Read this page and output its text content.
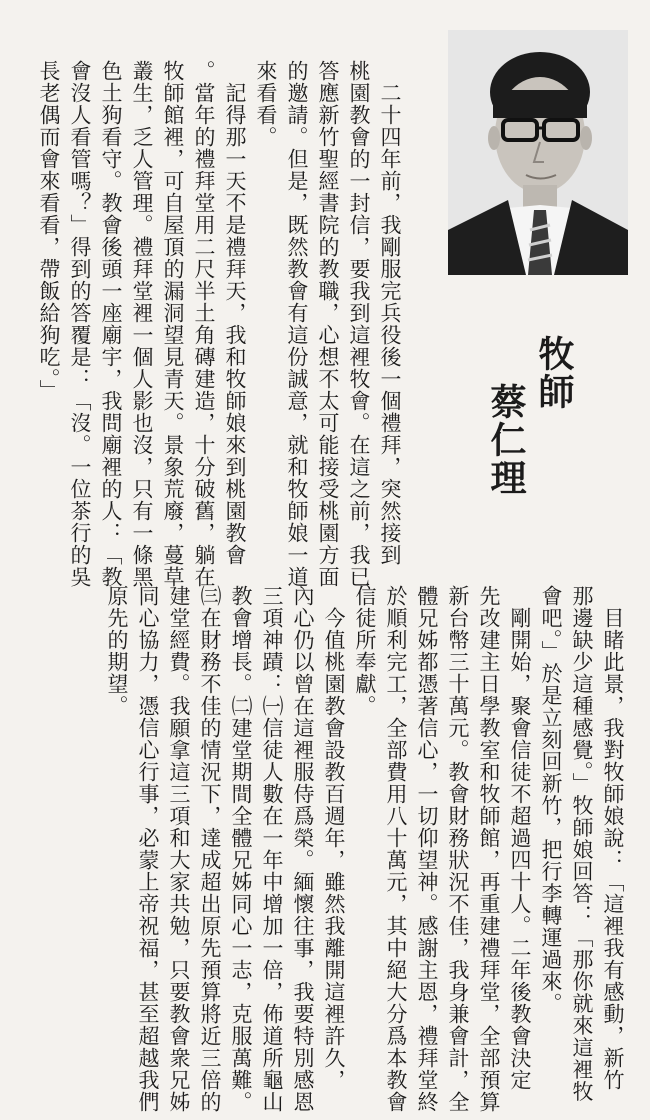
牧師
蔡仁理
　二十四年前，我剛服完兵役後一個禮拜，突然接到
桃園教會的一封信，要我到這裡牧會。在這之前，我已
答應新竹聖經書院的教職，心想不太可能接受桃園方面
的邀請。但是，既然教會有這份誠意，就和牧師娘一道
來看看。
　記得那一天不是禮拜天，我和牧師娘來到桃園教會
。當年的禮拜堂用二尺半土角磚建造，十分破舊，躺在
牧師館裡，可自屋頂的漏洞望見青天。景象荒廢，蔓草
叢生，乏人管理。禮拜堂裡一個人影也沒，只有一條黑
色土狗看守。教會後頭一座廟宇，我問廟裡的人：「教
會沒人看管嗎？」得到的答覆是：「沒。一位茶行的吳
長老偶而會來看看，帶飯給狗吃。」
　目睹此景，我對牧師娘說：「這裡我有感動，新竹
那邊缺少這種感覺。」牧師娘回答：「那你就來這裡牧
會吧。」於是立刻回新竹，把行李轉運過來。
　剛開始，聚會信徒不超過四十人。二年後教會決定
先改建主日學教室和牧師館，再重建禮拜堂，全部預算
新台幣三十萬元。教會財務狀況不佳，我身兼會計，全
體兄姊都憑著信心，一切仰望神。感謝主恩，禮拜堂終
於順利完工，全部費用八十萬元，其中絕大分爲本教會
信徒所奉獻。
　今值桃園教會設教百週年，雖然我離開這裡許久，
內心仍以曾在這裡服侍爲榮。緬懷往事，我要特別感恩
三項神蹟：㈠信徒人數在一年中增加一倍，佈道所龜山
教會增長。㈡建堂期間全體兄姊同心一志，克服萬難。
㈢在財務不佳的情況下，達成超出原先預算將近三倍的
建堂經費。我願拿這三項和大家共勉，只要教會衆兄姊
同心協力，憑信心行事，必蒙上帝祝福，甚至超越我們
原先的期望。
